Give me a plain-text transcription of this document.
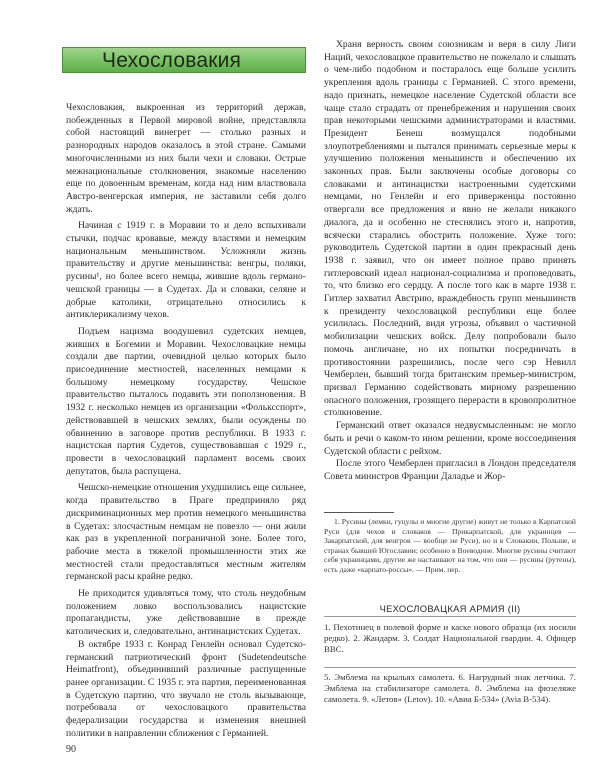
Чехословакия

Чехословакия, выкроенная из территорий держав, побежденных в Первой мировой войне, представляла собой настоящий винегрет — столько разных и разнородных народов оказалось в этой стране. Самыми многочисленными из них были чехи и словаки. Острые межнациональные столкновения, знакомые населению еще по довоенным временам, когда над ним властвовала Австро-венгерская империя, не заставили себя долго ждать.

Начиная с 1919 г. в Моравии то и дело вспыхивали стычки, подчас кровавые, между властями и немецким национальным меньшинством. Усложняли жизнь правительству и другие меньшинства: венгры, поляки, русины¹, но более всего немцы, жившие вдоль германо-чешской границы — в Судетах. Да и словаки, селяне и добрые католики, отрицательно относились к антиклерикализму чехов.

Подъем нацизма воодушевил судетских немцев, живших в Богемии и Моравии. Чехословацкие немцы создали две партии, очевидной целью которых было присоединение местностей, населенных немцами к большому немецкому государству. Чешское правительство пыталось подавить эти поползновения. В 1932 г. несколько немцев из организации «Фольксспорт», действовавшей в чешских землях, были осуждены по обвинению в заговоре против республики. В 1933 г. нацистская партия Судетов, существовавшая с 1929 г., провести в чехословацкий парламент восемь своих депутатов, была распущена.

Чешско-немецкие отношения ухудшились еще сильнее, когда правительство в Праге предприняло ряд дискриминационных мер против немецкого меньшинства в Судетах: злосчастным немцам не повезло — они жили как раз в укрепленной пограничной зоне. Более того, рабочие места в тяжелой промышленности этих же местностей стали предоставляться местным жителям германской расы крайне редко.

Не приходится удивляться тому, что столь неудобным положением ловко воспользовались нацистские пропагандисты, уже действовавшие в прежде католических и, следовательно, антинацистских Судетах.

В октябре 1933 г. Конрад Генлейн основал Судетско-германский патриотический фронт (Sudetendeutsche Heimatfront), объединивший различные распущенные ранее организации. С 1935 г. эта партия, переименованная в Судетскую партию, что звучало не столь вызывающе, потребовала от чехословацкого правительства федерализации государства и изменения внешней политики в направлении сближения с Германией.

Храня верность своим союзникам и веря в силу Лиги Наций, чехословацкое правительство не пожелало и слышать о чем-либо подобном и постаралось еще больше усилить укрепления вдоль границы с Германией. С этого времени, надо признать, немецкое население Судетской области все чаще стало страдать от пренебрежения и нарушения своих прав некоторыми чешскими администраторами и властями. Президент Бенеш возмущался подобными злоупотреблениями и пытался принимать серьезные меры к улучшению положения меньшинств и обеспечению их законных прав. Были заключены особые договоры со словаками и антинацистки настроенными судетскими немцами, но Генлейн и его приверженцы постоянно отвергали все предложения и явно не желали никакого диалога, да и особенно не стеснялись этого и, напротив, всячески старались обострить положение. Хуже того: руководитель Судетской партии в один прекрасный день 1938 г. заявил, что он имеет полное право принять гитлеровский идеал национал-социализма и проповедовать, то, что близко его сердцу. А после того как в марте 1938 г. Гитлер захватил Австрию, враждебность групп меньшинств к президенту чехословацкой республики еще более усилилась. Последний, видя угрозы, объявил о частичной мобилизации чешских войск. Делу попробовали было помочь англичане, но их попытки посредничать в противостоянии разрешились, после чего сэр Невилл Чемберлен, бывший тогда британским премьер-министром, призвал Германию содействовать мирному разрешению опасного положения, грозящего перерасти в кровопролитное столкновение.

Германский ответ оказался недвусмысленным: не могло быть и речи о каком-то ином решении, кроме воссоединения Судетской области с рейхом.

После этого Чемберлен пригласил в Лондон председателя Совета министров Франции Даладье и Жор-

1. Русины (лемки, гуцулы и многие другие) живут не только в Карпатской Руси (для чехов и словаков — Прикарпатской, для украинцев — Закарпатской, для венгров — вообще не Руси), но и в Словакии, Польше, и странах бывшей Югославии; особенно в Воеводине. Многие русины считают себя украинцами, другие же настаивают на том, что они — русины (рутены), есть даже «карпато-россы». — Прим. пер.

ЧЕХОСЛОВАЦКАЯ АРМИЯ (II)
1. Пехотинец в полевой форме и каске нового образца (их носили редко). 2. Жандарм. 3. Солдат Национальной гвардии. 4. Офицер ВВС.
5. Эмблема на крыльях самолета. 6. Нагрудный знак летчика. 7. Эмблема на стабилизаторе самолета. 8. Эмблема на фюзеляже самолета. 9. «Летов» (Letov). 10. «Авиа Б-534» (Avia B-534).
90
